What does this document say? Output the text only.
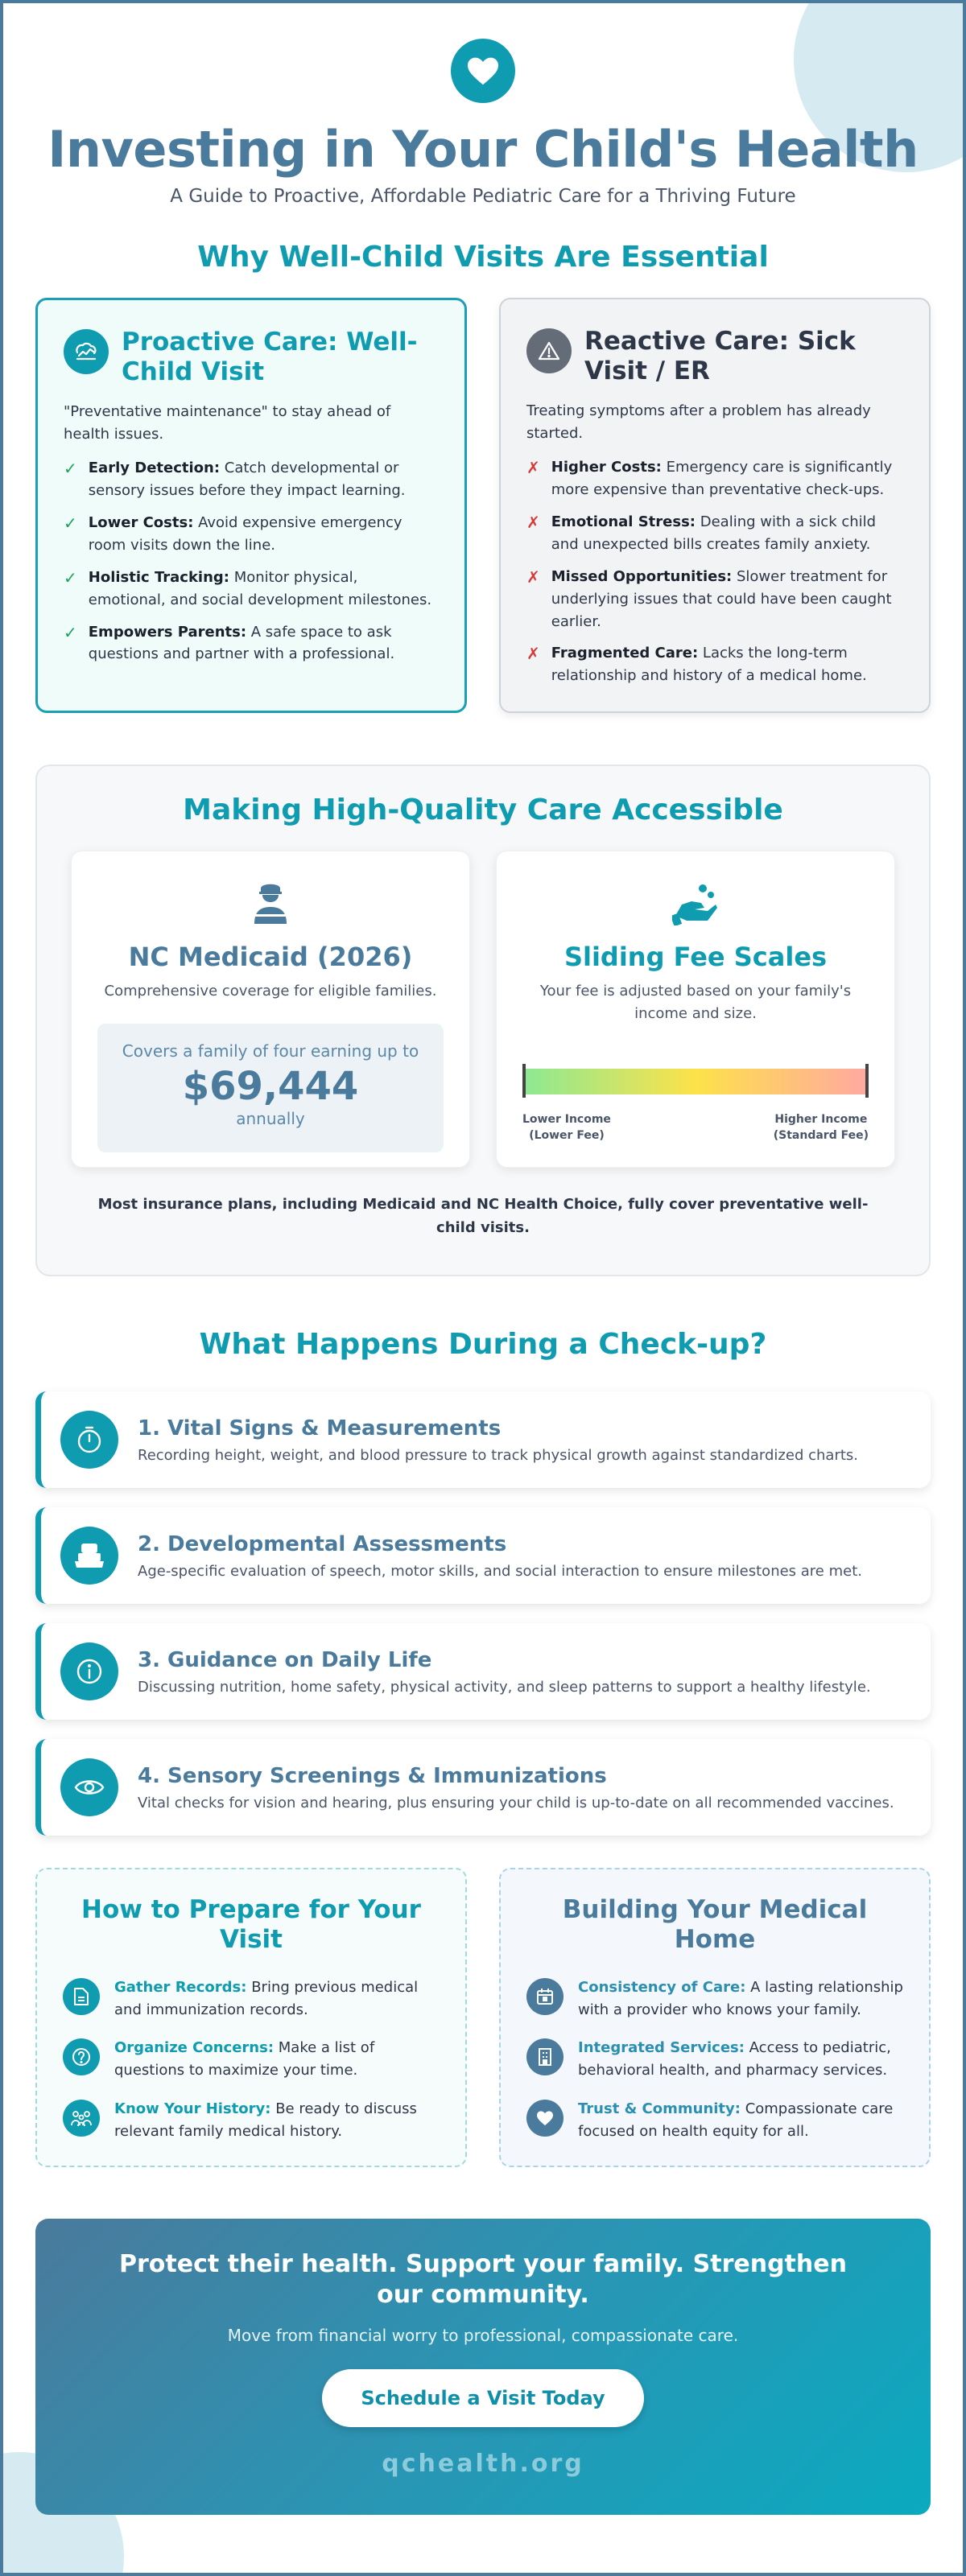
Investing in Your Child's Health

A Guide to Proactive, Affordable Pediatric Care for a Thriving Future

Why Well-Child Visits Are Essential
Proactive Care: Well-Child Visit

"Preventative maintenance" to stay ahead of health issues.

✓ Early Detection: Catch developmental or sensory issues before they impact learning.
✓ Lower Costs: Avoid expensive emergency room visits down the line.
✓ Holistic Tracking: Monitor physical, emotional, and social development milestones.
✓ Empowers Parents: A safe space to ask questions and partner with a professional.
Reactive Care: Sick Visit / ER

Treating symptoms after a problem has already started.

✗ Higher Costs: Emergency care is significantly more expensive than preventative check-ups.
✗ Emotional Stress: Dealing with a sick child and unexpected bills creates family anxiety.
✗ Missed Opportunities: Slower treatment for underlying issues that could have been caught earlier.
✗ Fragmented Care: Lacks the long-term relationship and history of a medical home.
Making High-Quality Care Accessible
NC Medicaid (2026)

Comprehensive coverage for eligible families.

Covers a family of four earning up to
$69,444
annually
Sliding Fee Scales

Your fee is adjusted based on your family's income and size.

Lower Income
(Lower Fee)
Higher Income
(Standard Fee)

Most insurance plans, including Medicaid and NC Health Choice, fully cover preventative well-child visits.

What Happens During a Check-up?
1. Vital Signs & Measurements
Recording height, weight, and blood pressure to track physical growth against standardized charts.
2. Developmental Assessments
Age-specific evaluation of speech, motor skills, and social interaction to ensure milestones are met.
3. Guidance on Daily Life
Discussing nutrition, home safety, physical activity, and sleep patterns to support a healthy lifestyle.
4. Sensory Screenings & Immunizations
Vital checks for vision and hearing, plus ensuring your child is up-to-date on all recommended vaccines.
How to Prepare for Your Visit
Gather Records: Bring previous medical and immunization records.
Organize Concerns: Make a list of questions to maximize your time.
Know Your History: Be ready to discuss relevant family medical history.
Building Your Medical Home
Consistency of Care: A lasting relationship with a provider who knows your family.
Integrated Services: Access to pediatric, behavioral health, and pharmacy services.
Trust & Community: Compassionate care focused on health equity for all.
Protect their health. Support your family. Strengthen our community.

Move from financial worry to professional, compassionate care.

Schedule a Visit Today
qchealth.org
